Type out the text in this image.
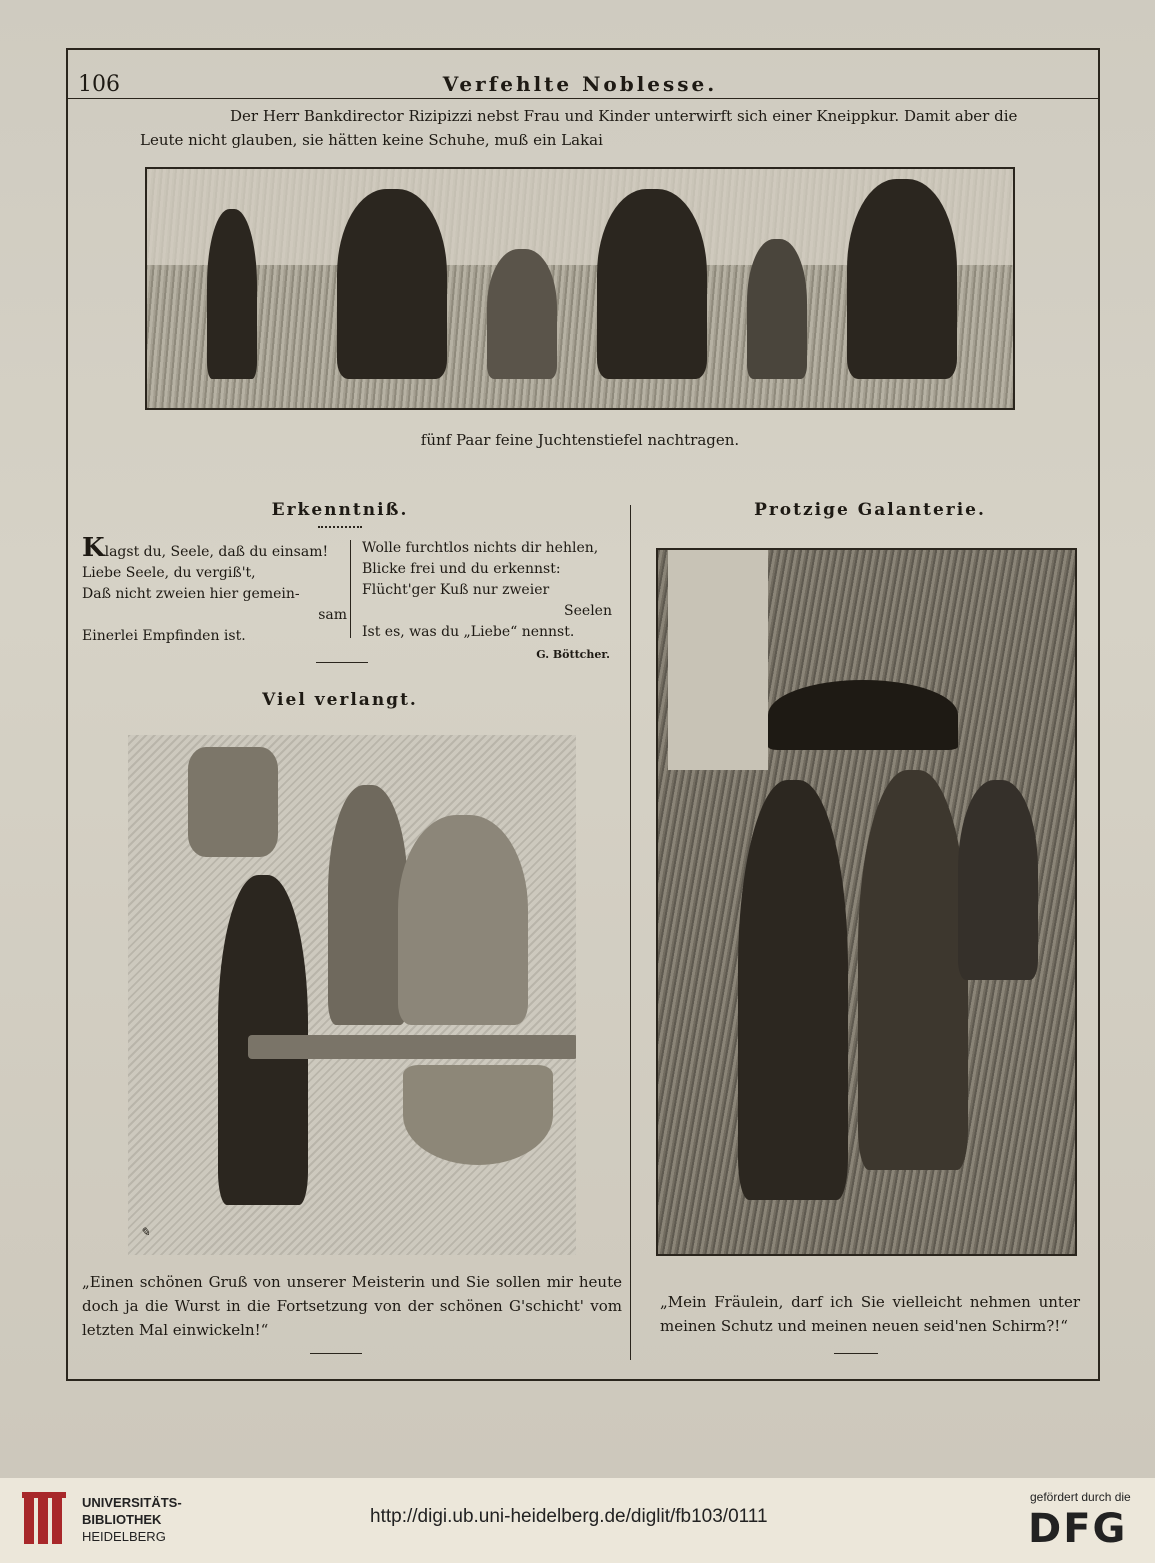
106	Verfehlte Noblesse.
Der Herr Bankdirector Rizipizzi nebst Frau und Kinder unterwirft sich einer Kneippkur. Damit aber die
Leute nicht glauben, sie hätten keine Schuhe, muß ein Lakai
fünf Paar feine Juchtenstiefel nachtragen.
Erkenntniß.
Klagst du, Seele, daß du einsam!
Liebe Seele, du vergiß't,
Daß nicht zweien hier gemein-
sam
Einerlei Empfinden ist.
Wolle furchtlos nichts dir hehlen,
Blicke frei und du erkennst:
Flücht'ger Kuß nur zweier
Seelen
Ist es, was du „Liebe“ nennst.
G. Böttcher.
Viel verlangt.
✎
„Einen schönen Gruß von unserer Meisterin und Sie sollen mir heute doch ja die Wurst in die Fortsetzung von der schönen G'schicht' vom letzten Mal einwickeln!“
Protzige Galanterie.
„Mein Fräulein, darf ich Sie vielleicht nehmen unter meinen Schutz und meinen neuen seid'nen Schirm?!“
UNIVERSITÄTS-
BIBLIOTHEK
HEIDELBERG
http://digi.ub.uni-heidelberg.de/diglit/fb103/0111
gefördert durch die
DFG
